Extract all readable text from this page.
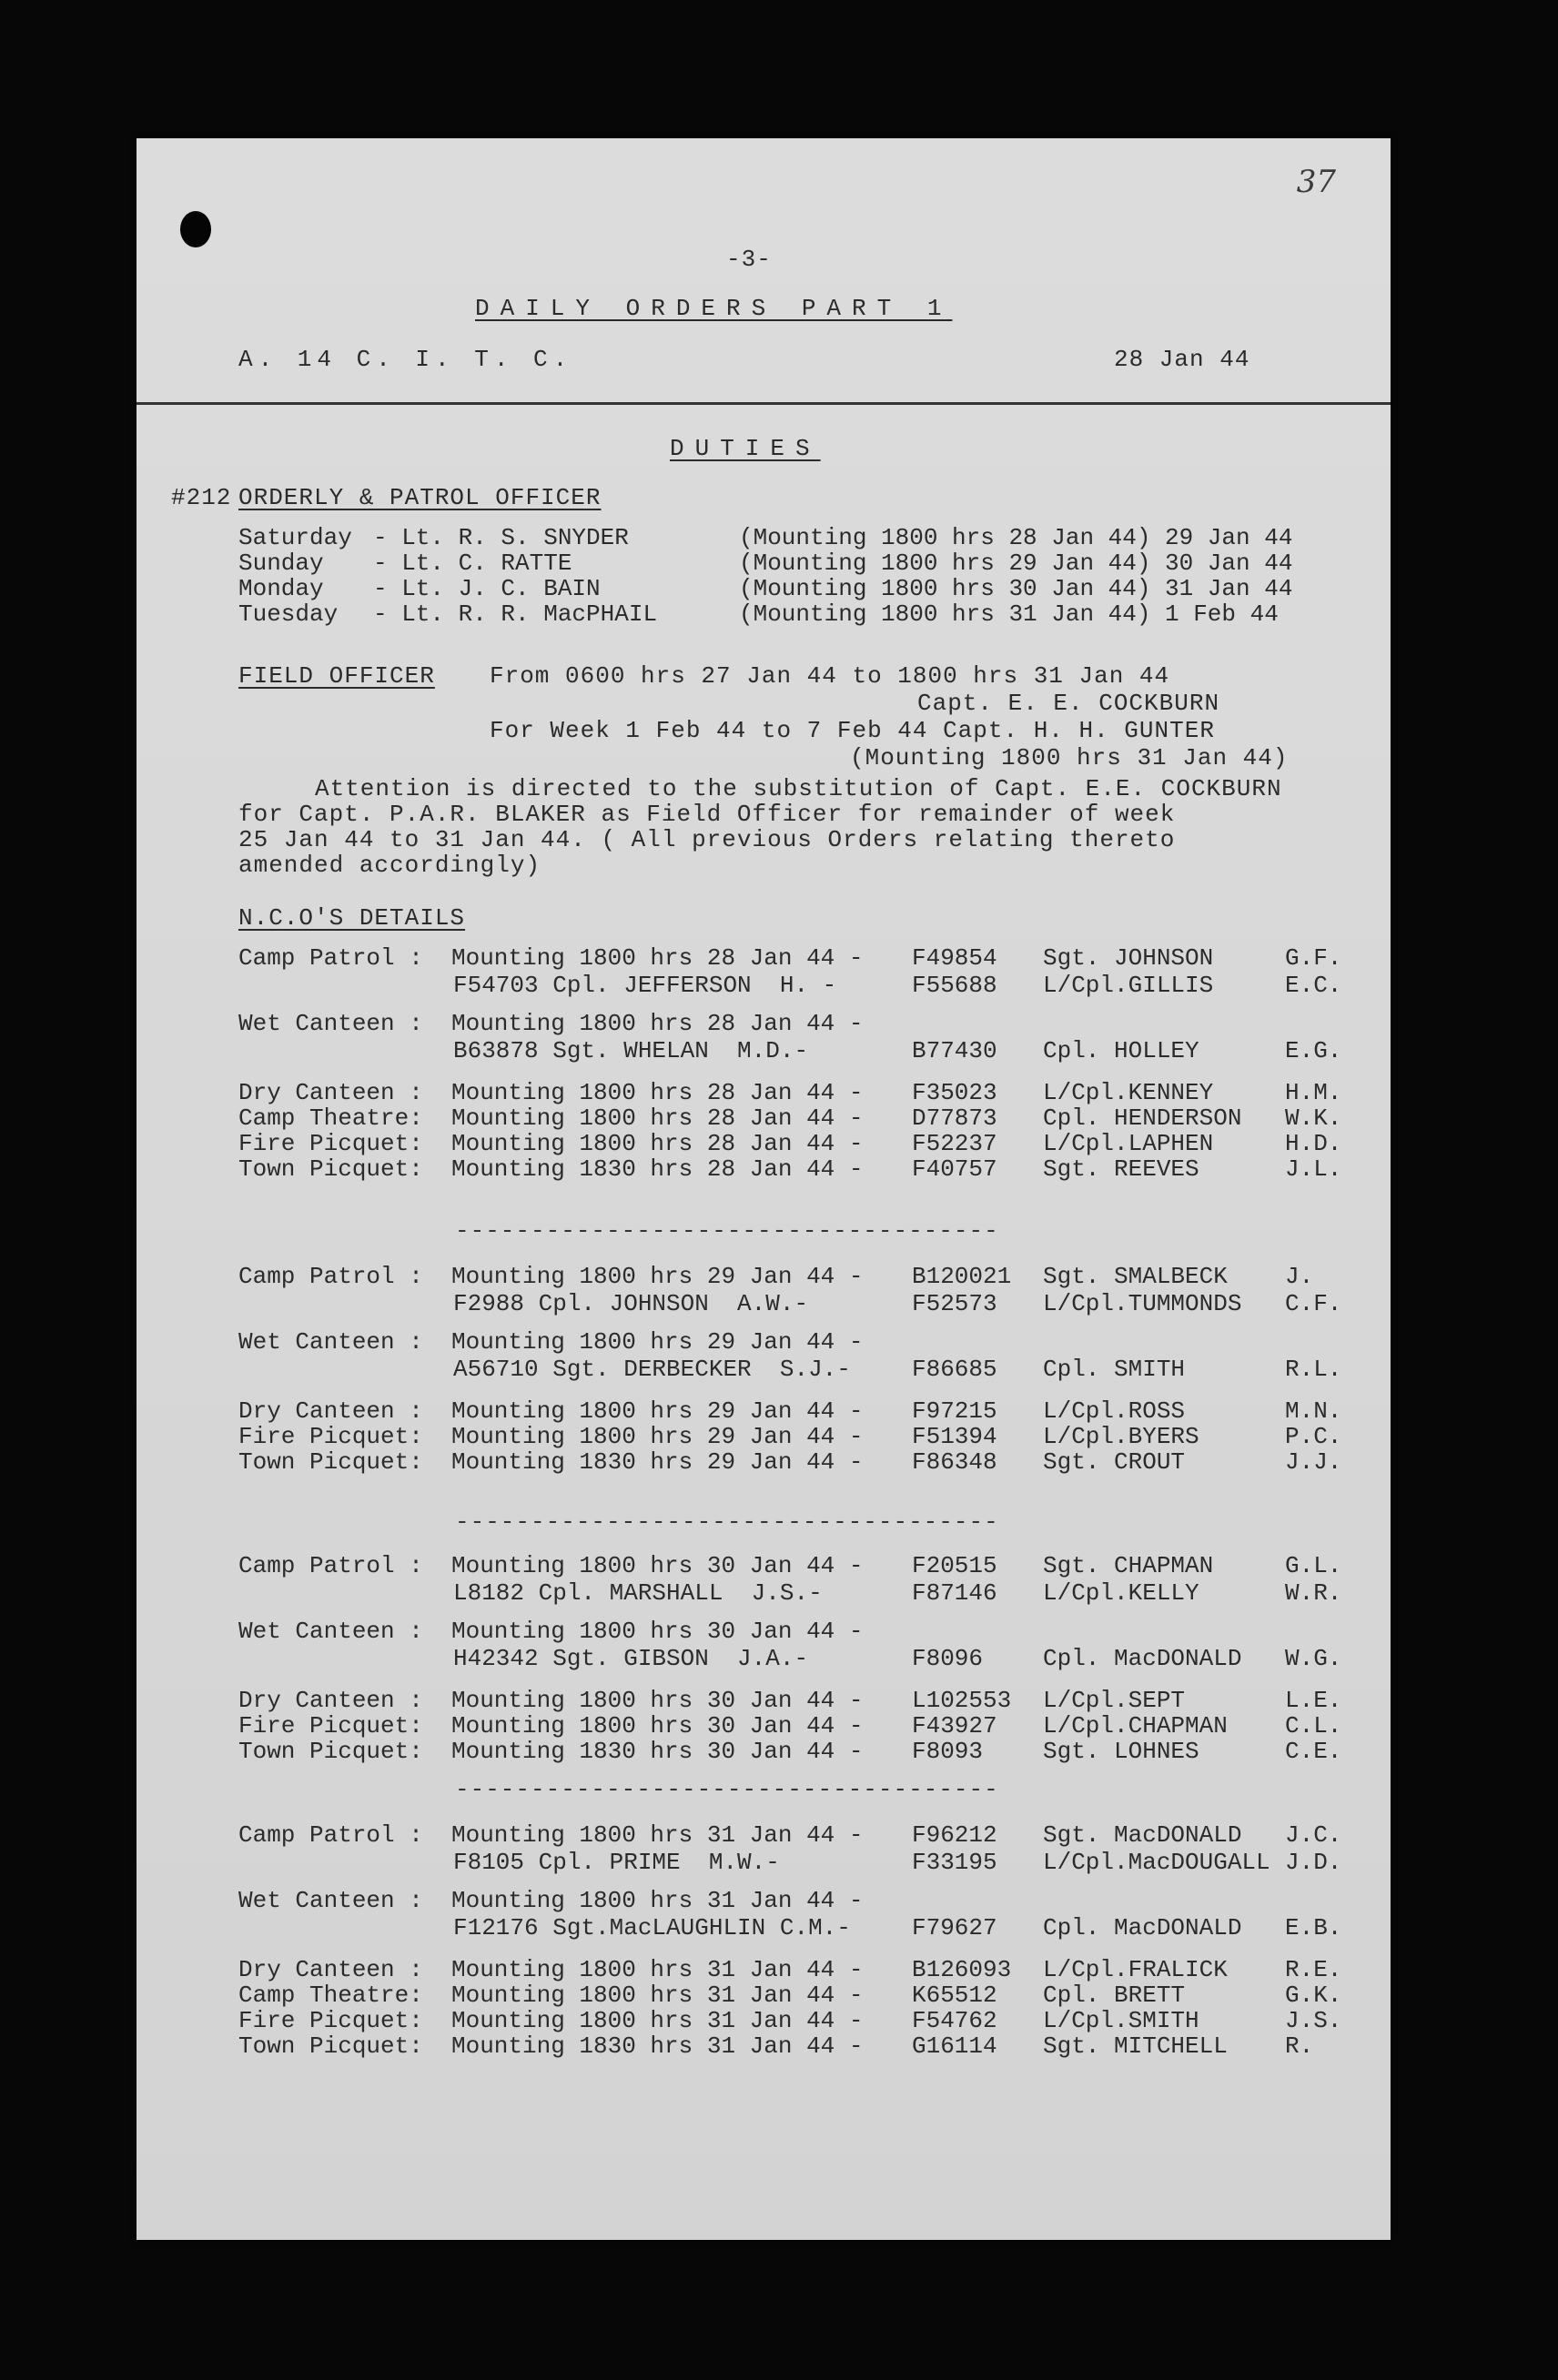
37
-3-
DAILY ORDERS PART 1
A. 14 C. I. T. C.	28 Jan 44
DUTIES
#212 ORDERLY & PATROL OFFICER
Saturday - Lt. R. S. SNYDER	(Mounting 1800 hrs 28 Jan 44) 29 Jan 44
Sunday - Lt. C. RATTE	(Mounting 1800 hrs 29 Jan 44) 30 Jan 44
Monday - Lt. J. C. BAIN	(Mounting 1800 hrs 30 Jan 44) 31 Jan 44
Tuesday - Lt. R. R. MacPHAIL	(Mounting 1800 hrs 31 Jan 44) 1 Feb 44
FIELD OFFICER From 0600 hrs 27 Jan 44 to 1800 hrs 31 Jan 44
Capt. E. E. COCKBURN
For Week 1 Feb 44 to 7 Feb 44 Capt. H. H. GUNTER
(Mounting 1800 hrs 31 Jan 44)
Attention is directed to the substitution of Capt. E.E. COCKBURN
for Capt. P.A.R. BLAKER as Field Officer for remainder of week
25 Jan 44 to 31 Jan 44. ( All previous Orders relating thereto
amended accordingly)
N.C.O'S DETAILS
Camp Patrol : Mounting 1800 hrs 28 Jan 44 - F49854 Sgt. JOHNSON	G.F.
F54703 Cpl. JEFFERSON  H. -	F55688 L/Cpl.GILLIS	E.C.
Wet Canteen : Mounting 1800 hrs 28 Jan 44 -
B63878 Sgt. WHELAN  M.D.-	B77430 Cpl. HOLLEY	E.G.
Dry Canteen : Mounting 1800 hrs 28 Jan 44 - F35023 L/Cpl.KENNEY	H.M.
Camp Theatre: Mounting 1800 hrs 28 Jan 44 - D77873 Cpl. HENDERSON W.K.
Fire Picquet: Mounting 1800 hrs 28 Jan 44 - F52237 L/Cpl.LAPHEN	H.D.
Town Picquet: Mounting 1830 hrs 28 Jan 44 - F40757 Sgt. REEVES	J.L.
------------------------------------
Camp Patrol : Mounting 1800 hrs 29 Jan 44 - B120021 Sgt. SMALBECK J.
F2988 Cpl. JOHNSON  A.W.-	F52573 L/Cpl.TUMMONDS C.F.
Wet Canteen : Mounting 1800 hrs 29 Jan 44 -
A56710 Sgt. DERBECKER  S.J.-	F86685 Cpl. SMITH	R.L.
Dry Canteen : Mounting 1800 hrs 29 Jan 44 - F97215 L/Cpl.ROSS	M.N.
Fire Picquet: Mounting 1800 hrs 29 Jan 44 - F51394 L/Cpl.BYERS	P.C.
Town Picquet: Mounting 1830 hrs 29 Jan 44 - F86348 Sgt. CROUT	J.J.
------------------------------------
Camp Patrol : Mounting 1800 hrs 30 Jan 44 - F20515 Sgt. CHAPMAN	G.L.
L8182 Cpl. MARSHALL  J.S.-	F87146 L/Cpl.KELLY	W.R.
Wet Canteen : Mounting 1800 hrs 30 Jan 44 -
H42342 Sgt. GIBSON  J.A.-	F8096	Cpl. MacDONALD W.G.
Dry Canteen : Mounting 1800 hrs 30 Jan 44 - L102553 L/Cpl.SEPT	L.E.
Fire Picquet: Mounting 1800 hrs 30 Jan 44 - F43927 L/Cpl.CHAPMAN C.L.
Town Picquet: Mounting 1830 hrs 30 Jan 44 - F8093	Sgt. LOHNES	C.E.
------------------------------------
Camp Patrol : Mounting 1800 hrs 31 Jan 44 - F96212 Sgt. MacDONALD J.C.
F8105 Cpl. PRIME  M.W.-	F33195 L/Cpl.MacDOUGALL J.D.
Wet Canteen : Mounting 1800 hrs 31 Jan 44 -
F12176 Sgt.MacLAUGHLIN C.M.-	F79627 Cpl. MacDONALD E.B.
Dry Canteen : Mounting 1800 hrs 31 Jan 44 - B126093 L/Cpl.FRALICK R.E.
Camp Theatre: Mounting 1800 hrs 31 Jan 44 - K65512 Cpl. BRETT	G.K.
Fire Picquet: Mounting 1800 hrs 31 Jan 44 - F54762 L/Cpl.SMITH	J.S.
Town Picquet: Mounting 1830 hrs 31 Jan 44 - G16114 Sgt. MITCHELL R.
